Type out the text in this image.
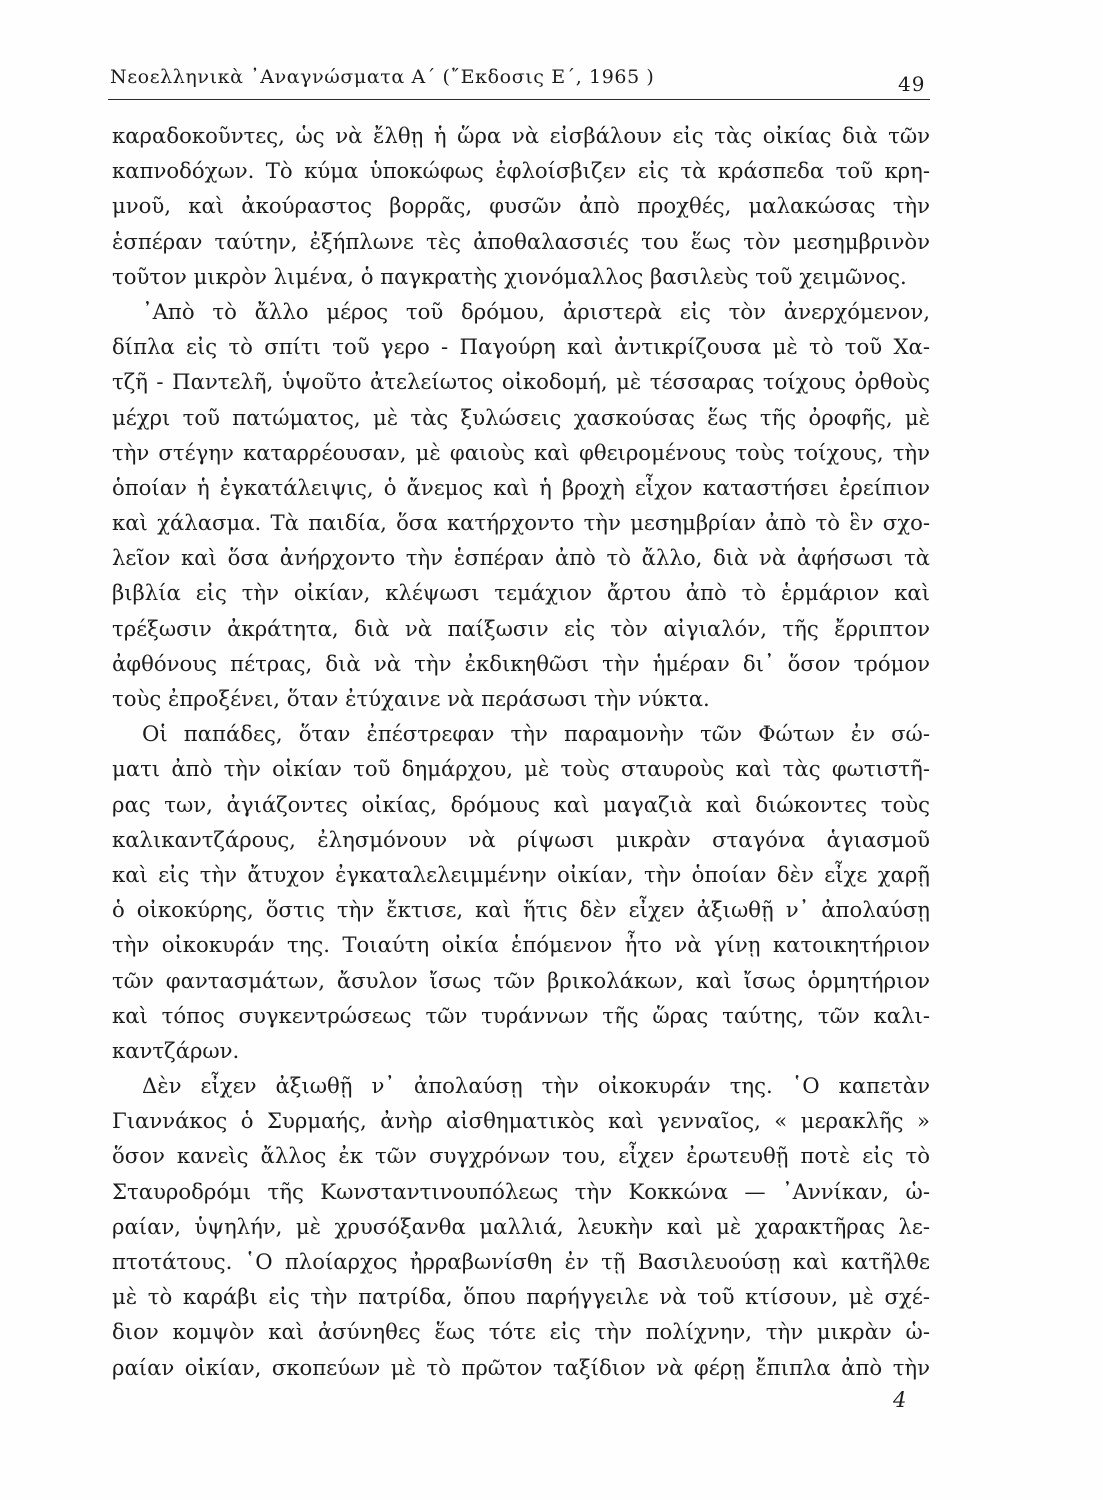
Νεοελληνικὰ ᾿Αναγνώσματα Α΄ (῎Εκδοσις Ε΄, 1965 )	49
καραδοκοῦντες, ὡς νὰ ἔλθῃ ἡ ὥρα νὰ εἰσβάλουν εἰς τὰς οἰκίας διὰ τῶν
καπνοδόχων. Τὸ κύμα ὑποκώφως ἐφλοίσβιζεν εἰς τὰ κράσπεδα τοῦ κρη-
μνοῦ, καὶ ἀκούραστος βορρᾶς, φυσῶν ἀπὸ προχθές, μαλακώσας τὴν
ἑσπέραν ταύτην, ἐξήπλωνε τὲς ἀποθαλασσιές του ἕως τὸν μεσημβρινὸν
τοῦτον μικρὸν λιμένα, ὁ παγκρατὴς χιονόμαλλος βασιλεὺς τοῦ χειμῶνος.
᾿Απὸ τὸ ἄλλο μέρος τοῦ δρόμου, ἀριστερὰ εἰς τὸν ἀνερχόμενον,
δίπλα εἰς τὸ σπίτι τοῦ γερο - Παγούρη καὶ ἀντικρίζουσα μὲ τὸ τοῦ Χα-
τζῆ - Παντελῆ, ὑψοῦτο ἀτελείωτος οἰκοδομή, μὲ τέσσαρας τοίχους ὀρθοὺς
μέχρι τοῦ πατώματος, μὲ τὰς ξυλώσεις χασκούσας ἕως τῆς ὀροφῆς, μὲ
τὴν στέγην καταρρέουσαν, μὲ φαιοὺς καὶ φθειρομένους τοὺς τοίχους, τὴν
ὁποίαν ἡ ἐγκατάλειψις, ὁ ἄνεμος καὶ ἡ βροχὴ εἶχον καταστήσει ἐρείπιον
καὶ χάλασμα. Τὰ παιδία, ὅσα κατήρχοντο τὴν μεσημβρίαν ἀπὸ τὸ ἓν σχο-
λεῖον καὶ ὅσα ἀνήρχοντο τὴν ἑσπέραν ἀπὸ τὸ ἄλλο, διὰ νὰ ἀφήσωσι τὰ
βιβλία εἰς τὴν οἰκίαν, κλέψωσι τεμάχιον ἄρτου ἀπὸ τὸ ἑρμάριον καὶ
τρέξωσιν ἀκράτητα, διὰ νὰ παίξωσιν εἰς τὸν αἰγιαλόν, τῆς ἔρριπτον
ἀφθόνους πέτρας, διὰ νὰ τὴν ἐκδικηθῶσι τὴν ἡμέραν δι᾿ ὅσον τρόμον
τοὺς ἐπροξένει, ὅταν ἐτύχαινε νὰ περάσωσι τὴν νύκτα.
Οἱ παπάδες, ὅταν ἐπέστρεφαν τὴν παραμονὴν τῶν Φώτων ἐν σώ-
ματι ἀπὸ τὴν οἰκίαν τοῦ δημάρχου, μὲ τοὺς σταυροὺς καὶ τὰς φωτιστῆ-
ρας των, ἀγιάζοντες οἰκίας, δρόμους καὶ μαγαζιὰ καὶ διώκοντες τοὺς
καλικαντζάρους, ἐλησμόνουν νὰ ρίψωσι μικρὰν σταγόνα ἁγιασμοῦ
καὶ εἰς τὴν ἄτυχον ἐγκαταλελειμμένην οἰκίαν, τὴν ὁποίαν δὲν εἶχε χαρῇ
ὁ οἰκοκύρης, ὅστις τὴν ἔκτισε, καὶ ἥτις δὲν εἶχεν ἀξιωθῇ ν᾿ ἀπολαύσῃ
τὴν οἰκοκυράν της. Τοιαύτη οἰκία ἑπόμενον ἦτο νὰ γίνῃ κατοικητήριον
τῶν φαντασμάτων, ἄσυλον ἴσως τῶν βρικολάκων, καὶ ἴσως ὁρμητήριον
καὶ τόπος συγκεντρώσεως τῶν τυράννων τῆς ὥρας ταύτης, τῶν καλι-
καντζάρων.
Δὲν εἶχεν ἀξιωθῇ ν᾿ ἀπολαύσῃ τὴν οἰκοκυράν της. ῾Ο καπετὰν
Γιαννάκος ὁ Συρμαής, ἀνὴρ αἰσθηματικὸς καὶ γενναῖος, « μερακλῆς »
ὅσον κανεὶς ἄλλος ἐκ τῶν συγχρόνων του, εἶχεν ἐρωτευθῇ ποτὲ εἰς τὸ
Σταυροδρόμι τῆς Κωνσταντινουπόλεως τὴν Κοκκώνα — ᾿Αννίκαν, ὡ-
ραίαν, ὑψηλήν, μὲ χρυσόξανθα μαλλιά, λευκὴν καὶ μὲ χαρακτῆρας λε-
πτοτάτους. ῾Ο πλοίαρχος ἠρραβωνίσθη ἐν τῇ Βασιλευούσῃ καὶ κατῆλθε
μὲ τὸ καράβι εἰς τὴν πατρίδα, ὅπου παρήγγειλε νὰ τοῦ κτίσουν, μὲ σχέ-
διον κομψὸν καὶ ἀσύνηθες ἕως τότε εἰς τὴν πολίχνην, τὴν μικρὰν ὡ-
ραίαν οἰκίαν, σκοπεύων μὲ τὸ πρῶτον ταξίδιον νὰ φέρῃ ἔπιπλα ἀπὸ τὴν
4
